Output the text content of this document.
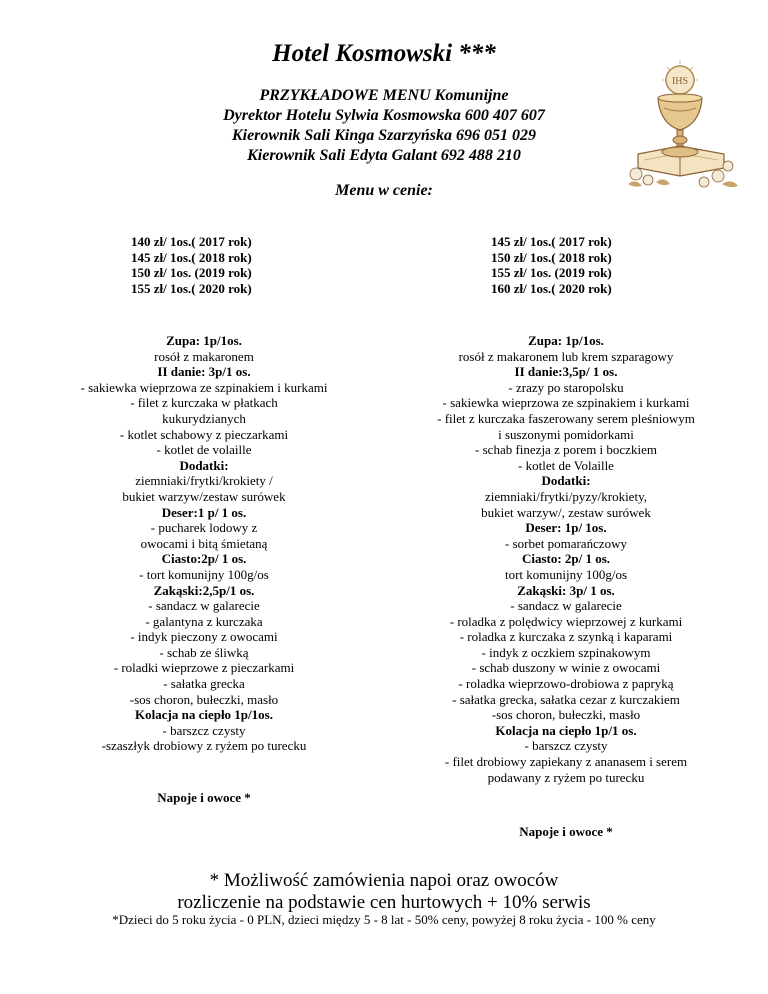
Hotel Kosmowski ***
PRZYKŁADOWE MENU Komunijne
Dyrektor Hotelu Sylwia Kosmowska 600 407 607
Kierownik Sali Kinga Szarzyńska 696 051 029
Kierownik Sali Edyta Galant 692 488 210
IHS
Menu w cenie:
140 zł/ 1os.( 2017 rok)
145 zł/ 1os.( 2018 rok)
150 zł/ 1os. (2019 rok)
155 zł/ 1os.( 2020 rok)
145 zł/ 1os.( 2017 rok)
150 zł/ 1os.( 2018 rok)
155 zł/ 1os. (2019 rok)
160 zł/ 1os.( 2020 rok)
Zupa: 1p/1os.
rosół z makaronem
II danie: 3p/1 os.
- sakiewka wieprzowa ze szpinakiem i kurkami
- filet z kurczaka w płatkach
kukurydzianych
- kotlet schabowy z pieczarkami
- kotlet de volaille
Dodatki:
ziemniaki/frytki/krokiety /
bukiet warzyw/zestaw surówek
Deser:1 p/ 1 os.
- pucharek lodowy z
owocami i bitą śmietaną
Ciasto:2p/ 1 os.
- tort komunijny 100g/os
Zakąski:2,5p/1 os.
- sandacz w galarecie
- galantyna z kurczaka
- indyk pieczony z owocami
- schab ze śliwką
- roladki wieprzowe z pieczarkami
- sałatka grecka
-sos choron, bułeczki, masło
Kolacja na ciepło 1p/1os.
- barszcz czysty
-szaszłyk drobiowy z ryżem po turecku
Zupa: 1p/1os.
rosół z makaronem lub krem szparagowy
II danie:3,5p/ 1 os.
- zrazy po staropolsku
- sakiewka wieprzowa ze szpinakiem i kurkami
- filet z kurczaka faszerowany serem pleśniowym
i suszonymi pomidorkami
- schab finezja z porem i boczkiem
- kotlet de Volaille
Dodatki:
ziemniaki/frytki/pyzy/krokiety,
bukiet warzyw/, zestaw surówek
Deser: 1p/ 1os.
- sorbet pomarańczowy
Ciasto: 2p/ 1 os.
tort komunijny 100g/os
Zakąski: 3p/ 1 os.
- sandacz w galarecie
- roladka z polędwicy wieprzowej z kurkami
- roladka z kurczaka z szynką i kaparami
- indyk z oczkiem szpinakowym
- schab duszony w winie z owocami
- roladka wieprzowo-drobiowa z papryką
- sałatka grecka, sałatka cezar z kurczakiem
-sos choron, bułeczki, masło
Kolacja na ciepło 1p/1 os.
- barszcz czysty
- filet drobiowy zapiekany z ananasem i serem
podawany z ryżem po turecku
Napoje i owoce *
Napoje i owoce *
* Możliwość zamówienia napoi oraz owoców
rozliczenie na podstawie cen hurtowych + 10% serwis
*Dzieci do 5 roku życia - 0 PLN, dzieci między 5 - 8 lat - 50% ceny, powyżej 8 roku życia - 100 % ceny
